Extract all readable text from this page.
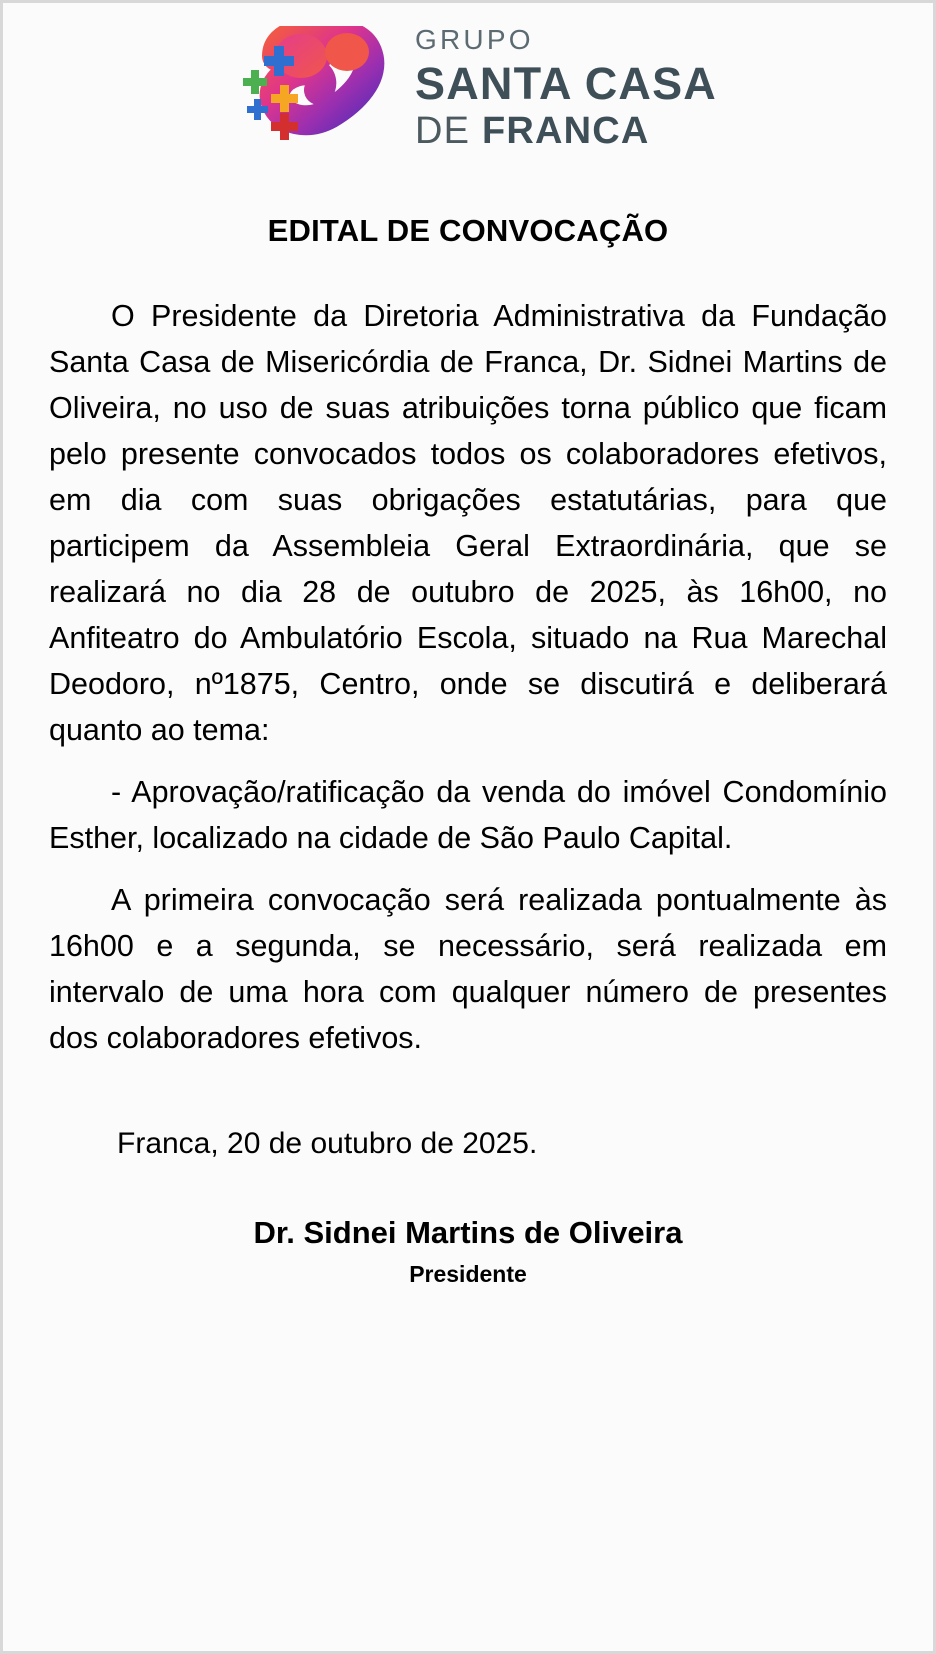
GRUPO
SANTA CASA
DE FRANCA
EDITAL DE CONVOCAÇÃO

O Presidente da Diretoria Administrativa da Fundação Santa Casa de Misericórdia de Franca, Dr. Sidnei Martins de Oliveira, no uso de suas atribuições torna público que ficam pelo presente convocados todos os colaboradores efetivos, em dia com suas obrigações estatutárias, para que participem da Assembleia Geral Extraordinária, que se realizará no dia 28 de outubro de 2025, às 16h00, no Anfiteatro do Ambulatório Escola, situado na Rua Marechal Deodoro, nº1875, Centro, onde se discutirá e deliberará quanto ao tema:

- Aprovação/ratificação da venda do imóvel Condomínio Esther, localizado na cidade de São Paulo Capital.

A primeira convocação será realizada pontualmente às 16h00 e a segunda, se necessário, será realizada em intervalo de uma hora com qualquer número de presentes dos colaboradores efetivos.

Franca, 20 de outubro de 2025.

Dr. Sidnei Martins de Oliveira
Presidente
